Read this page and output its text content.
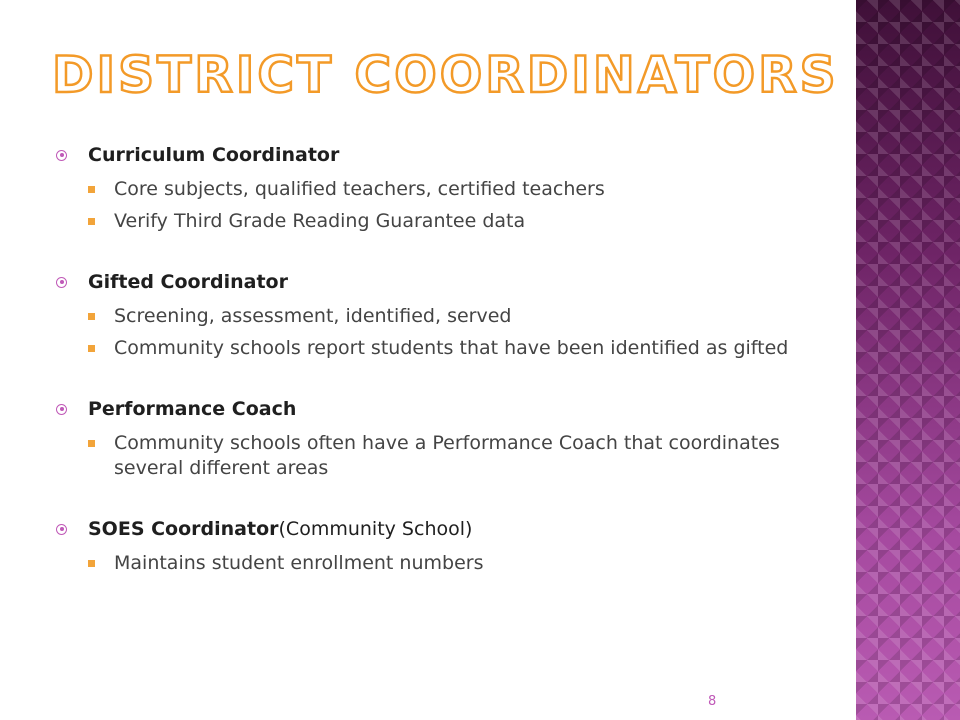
DISTRICT COORDINATORS
Curriculum Coordinator
Core subjects, qualified teachers, certified teachers
Verify Third Grade Reading Guarantee data
Gifted Coordinator
Screening, assessment, identified, served
Community schools report students that have been identified as gifted
Performance Coach
Community schools often have a Performance Coach that coordinates several different areas
SOES Coordinator (Community School)
Maintains student enrollment numbers
8
